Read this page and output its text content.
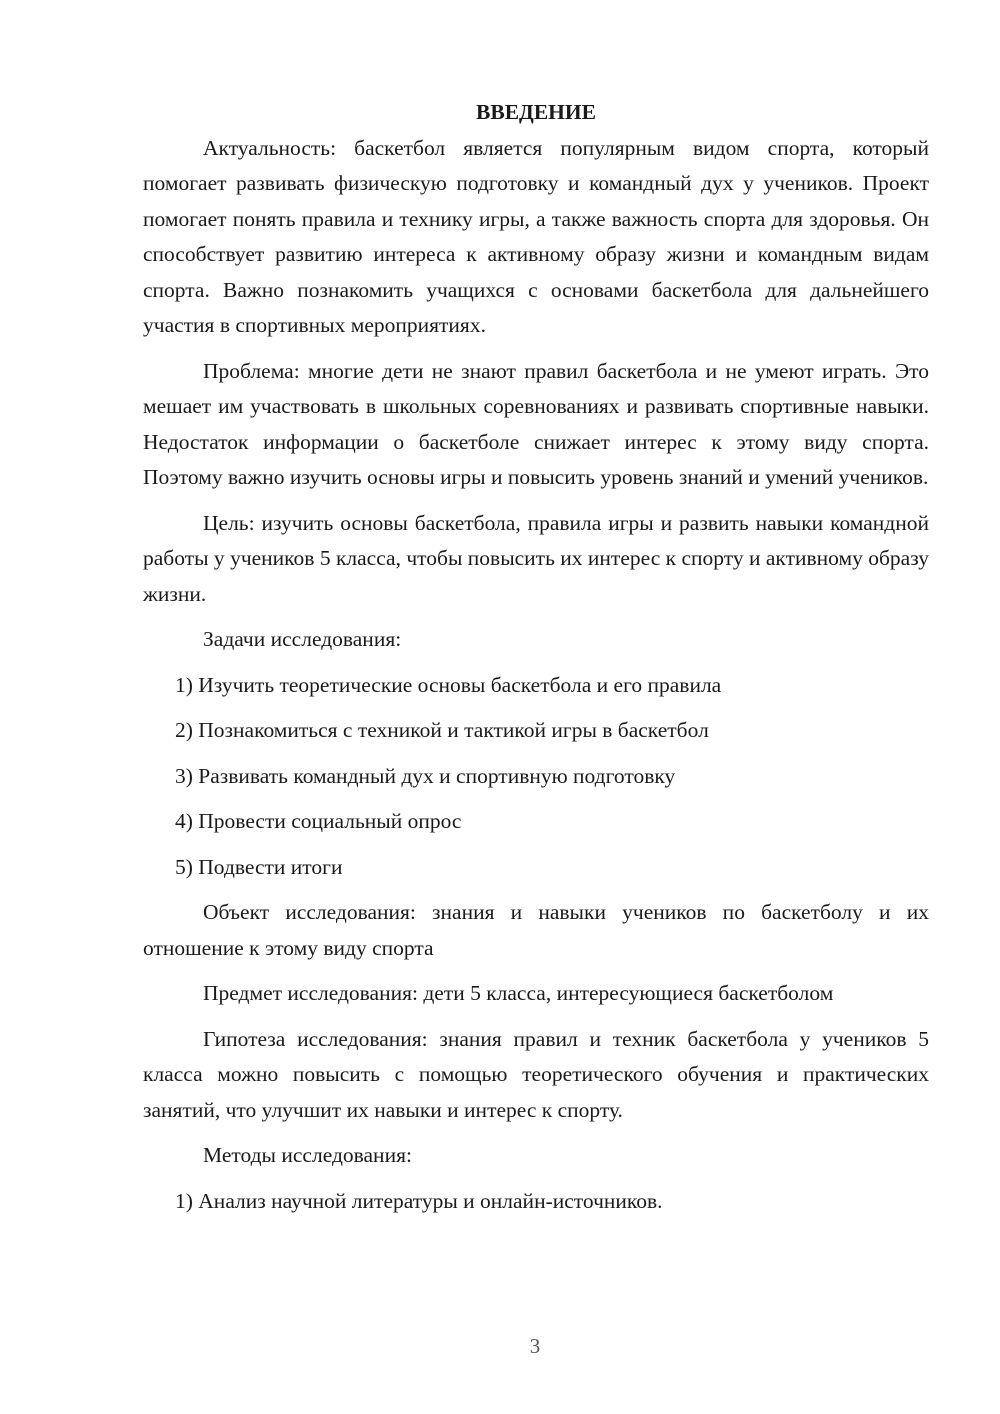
ВВЕДЕНИЕ

Актуальность: баскетбол является популярным видом спорта, который помогает развивать физическую подготовку и командный дух у учеников. Проект помогает понять правила и технику игры, а также важность спорта для здоровья. Он способствует развитию интереса к активному образу жизни и командным видам спорта. Важно познакомить учащихся с основами баскетбола для дальнейшего участия в спортивных мероприятиях.

Проблема: многие дети не знают правил баскетбола и не умеют играть. Это мешает им участвовать в школьных соревнованиях и развивать спортивные навыки. Недостаток информации о баскетболе снижает интерес к этому виду спорта. Поэтому важно изучить основы игры и повысить уровень знаний и умений учеников.

Цель: изучить основы баскетбола, правила игры и развить навыки командной работы у учеников 5 класса, чтобы повысить их интерес к спорту и активному образу жизни.

Задачи исследования:

1) Изучить теоретические основы баскетбола и его правила
2) Познакомиться с техникой и тактикой игры в баскетбол
3) Развивать командный дух и спортивную подготовку
4) Провести социальный опрос
5) Подвести итоги

Объект исследования: знания и навыки учеников по баскетболу и их отношение к этому виду спорта

Предмет исследования: дети 5 класса, интересующиеся баскетболом

Гипотеза исследования: знания правил и техник баскетбола у учеников 5 класса можно повысить с помощью теоретического обучения и практических занятий, что улучшит их навыки и интерес к спорту.

Методы исследования:

1) Анализ научной литературы и онлайн-источников.
3
